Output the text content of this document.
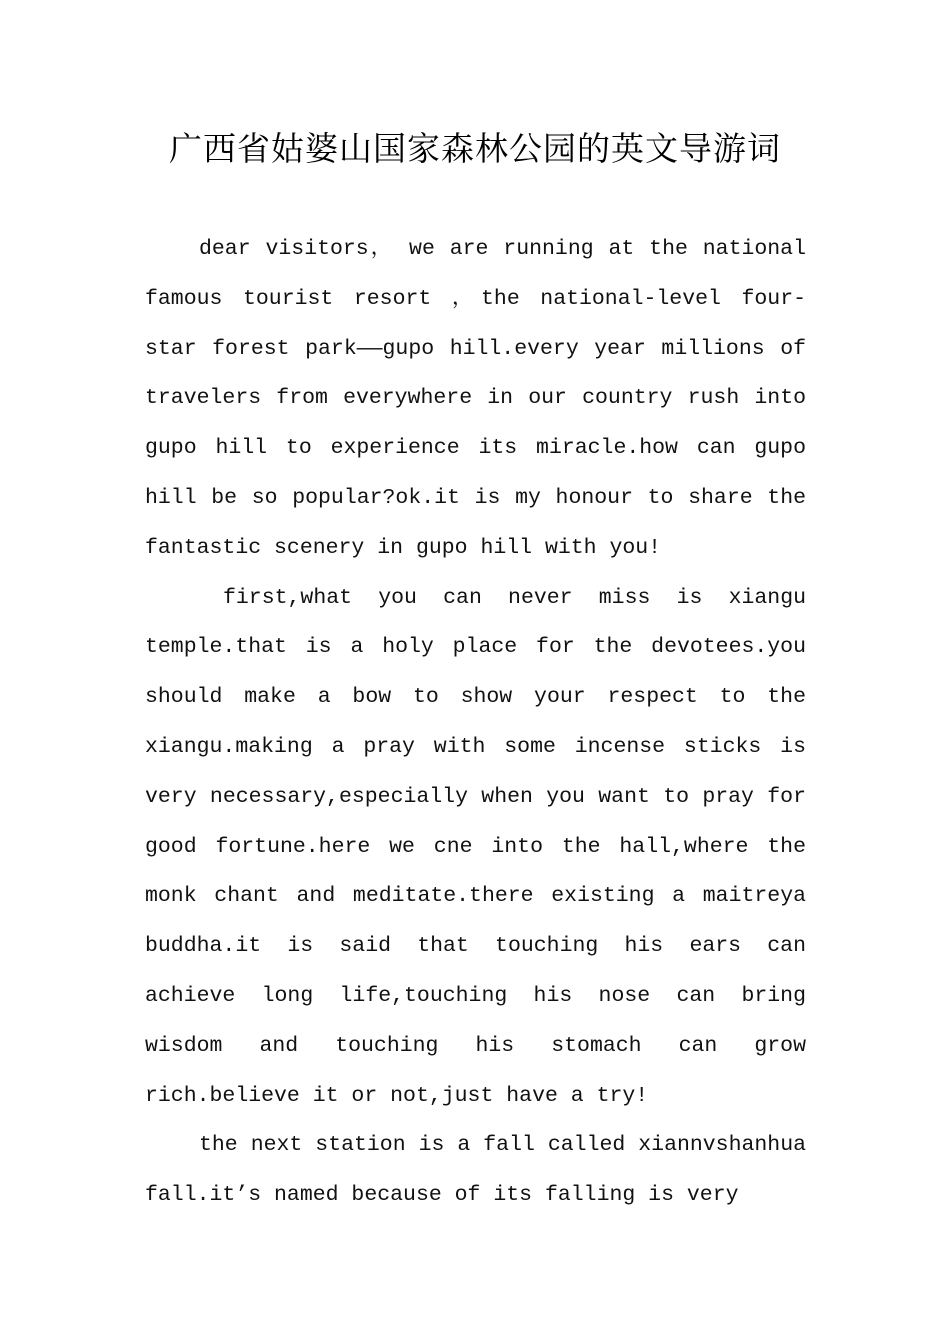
广西省姑婆山国家森林公园的英文导游词

dear visitors， we are running at the national famous tourist resort ，the national-level four-star forest park——gupo hill.every year millions of travelers from everywhere in our country rush into gupo hill to experience its miracle.how can gupo hill be so popular?ok.it is my honour to share the fantastic scenery in gupo hill with you!

first,what you can never miss is xiangu temple.that is a holy place for the devotees.you should make a bow to show your respect to the xiangu.making a pray with some incense sticks is very necessary,especially when you want to pray for good fortune.here we cne into the hall,where the monk chant and meditate.there existing a maitreya buddha.it is said that touching his ears can achieve long life,touching his nose can bring wisdom and touching his stomach can grow rich.believe it or not,just have a try!

the next station is a fall called xiannvshanhua fall.it’s named because of its falling is very
